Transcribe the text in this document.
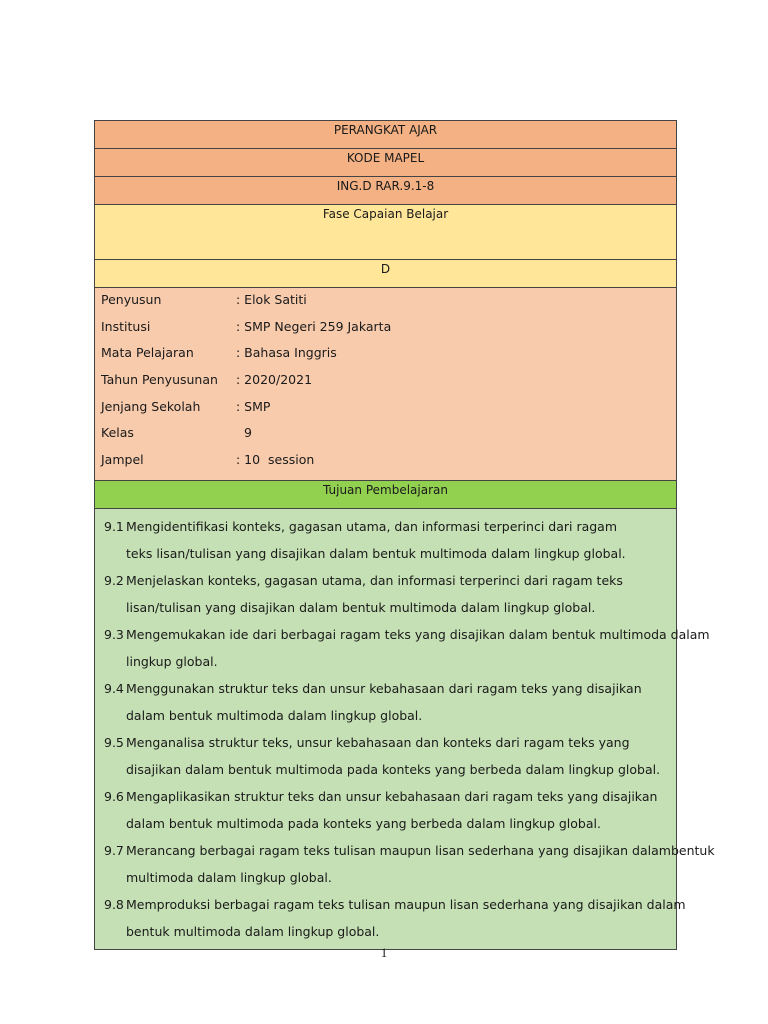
PERANGKAT AJAR
KODE MAPEL
ING.D RAR.9.1-8
Fase Capaian Belajar
D

Penyusun	: Elok Satiti
Institusi	: SMP Negeri 259 Jakarta
Mata Pelajaran	: Bahasa Inggris
Tahun Penyusunan	: 2020/2021
Jenjang Sekolah	: SMP
Kelas	9
Jampel	: 10  session

Tujuan Pembelajaran

9.1 Mengidentifikasi konteks, gagasan utama, dan informasi terperinci dari ragam
teks lisan/tulisan yang disajikan dalam bentuk multimoda dalam lingkup global.
9.2 Menjelaskan konteks, gagasan utama, dan informasi terperinci dari ragam teks
lisan/tulisan yang disajikan dalam bentuk multimoda dalam lingkup global.
9.3 Mengemukakan ide dari berbagai ragam teks yang disajikan dalam bentuk multimoda dalam
lingkup global.
9.4 Menggunakan struktur teks dan unsur kebahasaan dari ragam teks yang disajikan
dalam bentuk multimoda dalam lingkup global.
9.5 Menganalisa struktur teks, unsur kebahasaan dan konteks dari ragam teks yang
disajikan dalam bentuk multimoda pada konteks yang berbeda dalam lingkup global.
9.6 Mengaplikasikan struktur teks dan unsur kebahasaan dari ragam teks yang disajikan
dalam bentuk multimoda pada konteks yang berbeda dalam lingkup global.
9.7 Merancang berbagai ragam teks tulisan maupun lisan sederhana yang disajikan dalambentuk
multimoda dalam lingkup global.
9.8 Memproduksi berbagai ragam teks tulisan maupun lisan sederhana yang disajikan dalam
bentuk multimoda dalam lingkup global.
1
